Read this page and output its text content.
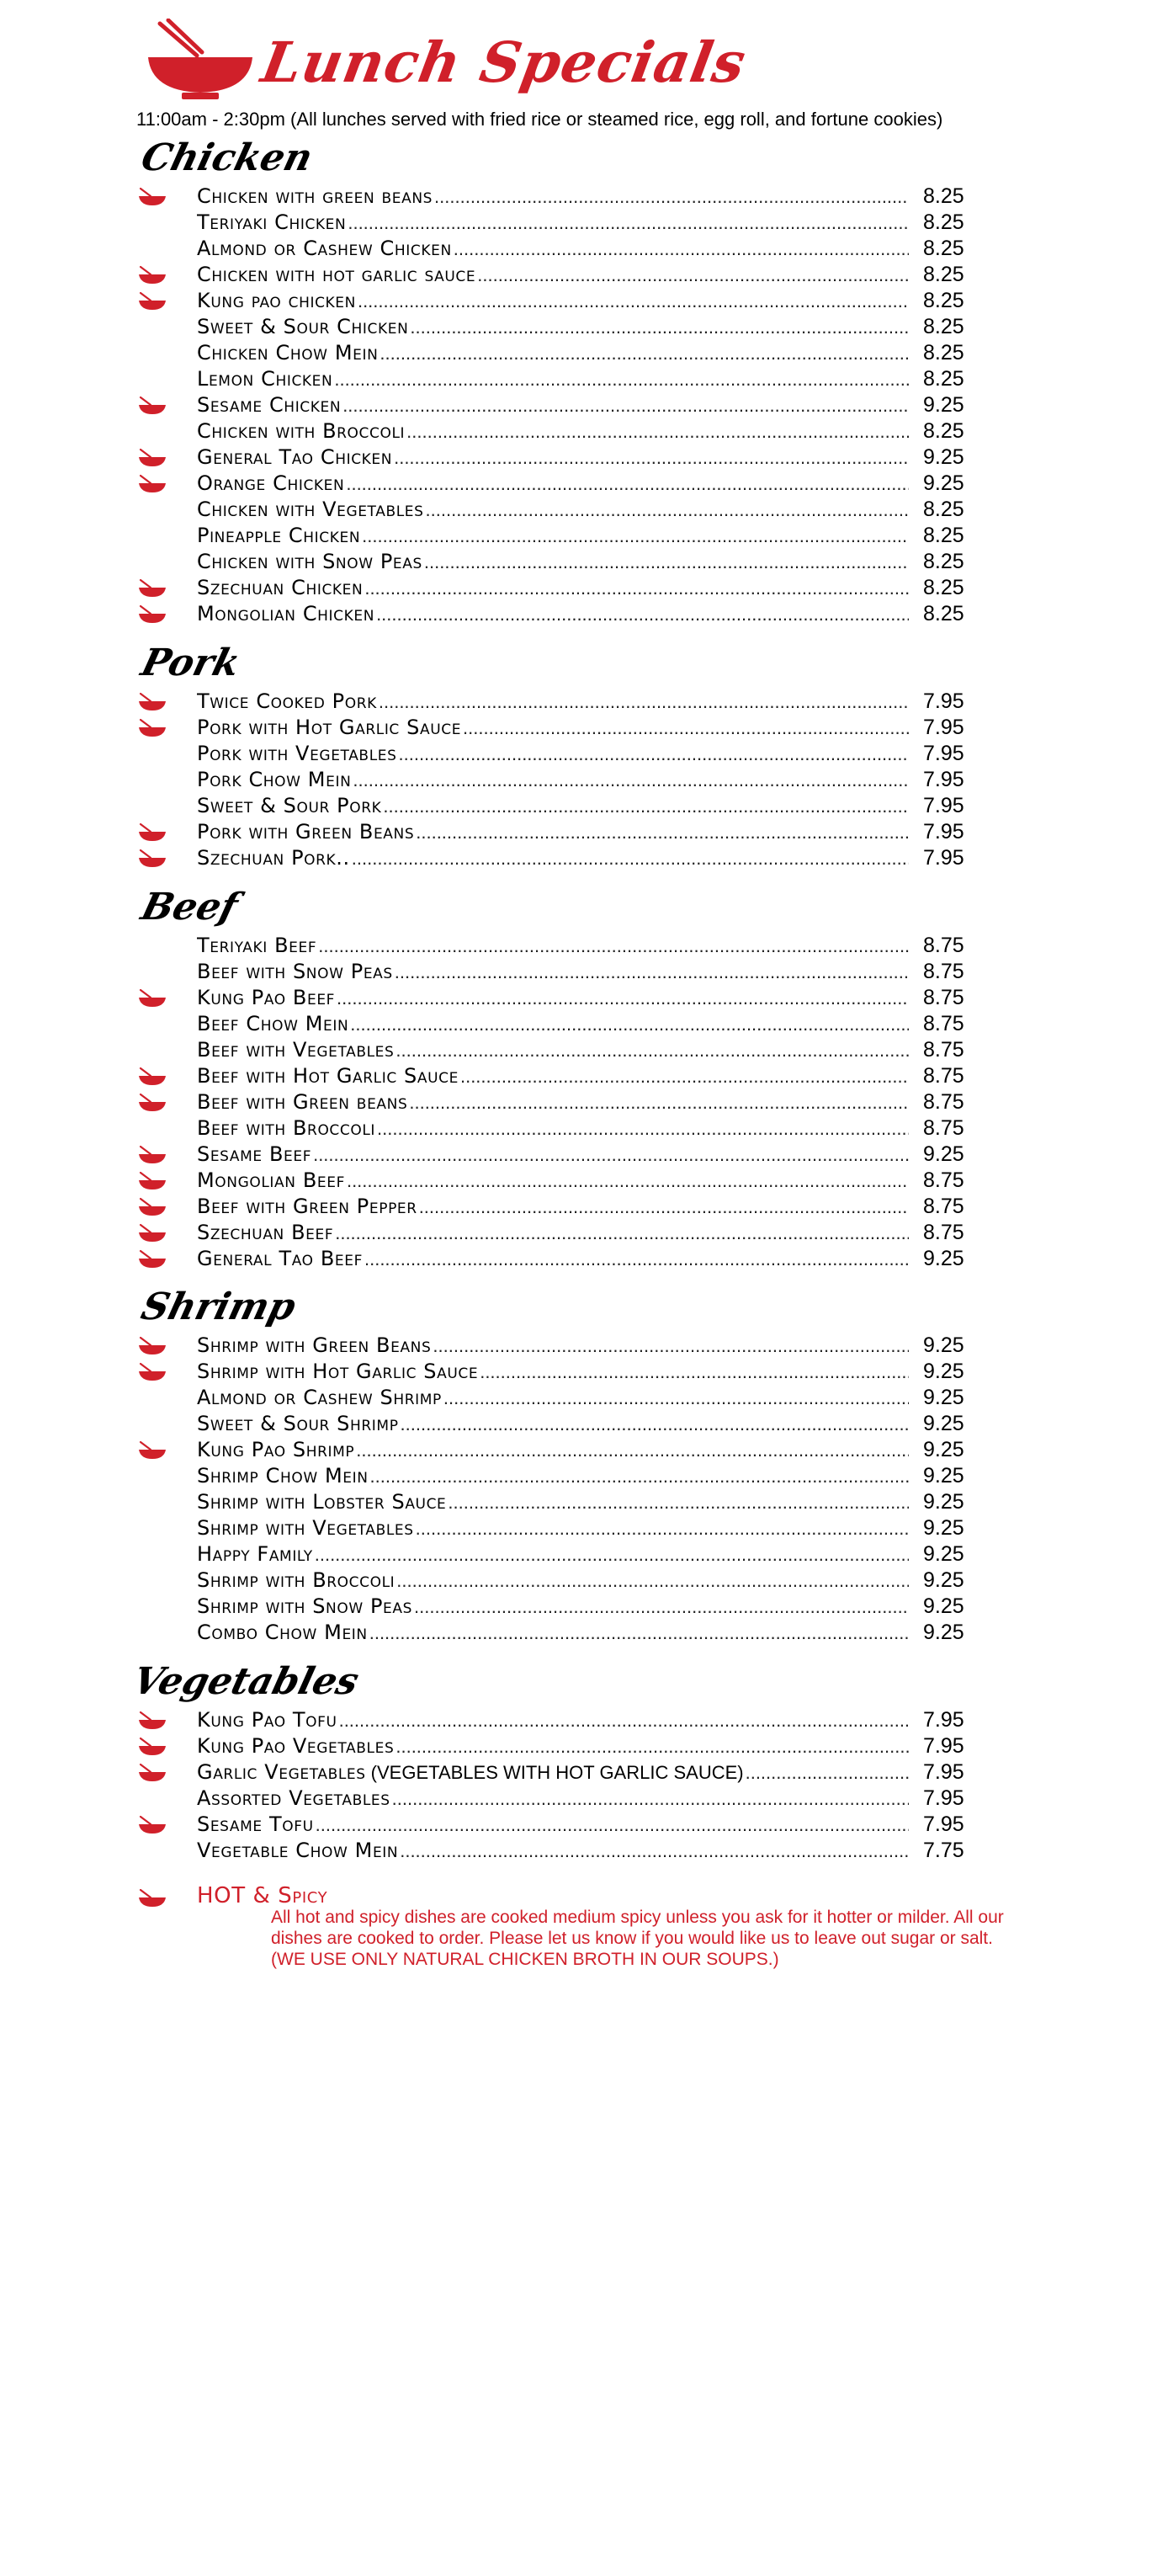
Lunch Specials
11:00am - 2:30pm (All lunches served with fried rice or steamed rice, egg roll, and fortune cookies)
Chicken
Chicken with green beans .....	8.25
Teriyaki Chicken .....	8.25
Almond or Cashew Chicken .....	8.25
Chicken with hot garlic sauce .....	8.25
Kung pao chicken .....	8.25
Sweet & Sour Chicken .....	8.25
Chicken Chow Mein .....	8.25
Lemon Chicken .....	8.25
Sesame Chicken .....	9.25
Chicken with Broccoli .....	8.25
General Tao Chicken .....	9.25
Orange Chicken .....	9.25
Chicken with Vegetables .....	8.25
Pineapple Chicken .....	8.25
Chicken with Snow Peas .....	8.25
Szechuan Chicken .....	8.25
Mongolian Chicken .....	8.25
Pork
Twice Cooked Pork .....	7.95
Pork with Hot Garlic Sauce .....	7.95
Pork with Vegetables .....	7.95
Pork Chow Mein .....	7.95
Sweet & Sour Pork .....	7.95
Pork with Green Beans .....	7.95
Szechuan Pork.. .....	7.95
Beef
Teriyaki Beef .....	8.75
Beef with Snow Peas .....	8.75
Kung Pao Beef .....	8.75
Beef Chow Mein .....	8.75
Beef with Vegetables .....	8.75
Beef with Hot Garlic Sauce .....	8.75
Beef with Green beans .....	8.75
Beef with Broccoli .....	8.75
Sesame Beef .....	9.25
Mongolian Beef .....	8.75
Beef with Green Pepper .....	8.75
Szechuan Beef .....	8.75
General Tao Beef .....	9.25
Shrimp
Shrimp with Green Beans .....	9.25
Shrimp with Hot Garlic Sauce .....	9.25
Almond or Cashew Shrimp .....	9.25
Sweet & Sour Shrimp .....	9.25
Kung Pao Shrimp .....	9.25
Shrimp Chow Mein .....	9.25
Shrimp with Lobster Sauce .....	9.25
Shrimp with Vegetables .....	9.25
Happy Family .....	9.25
Shrimp with Broccoli .....	9.25
Shrimp with Snow Peas .....	9.25
Combo Chow Mein .....	9.25
Vegetables
Kung Pao Tofu .....	7.95
Kung Pao Vegetables .....	7.95
Garlic Vegetables (VEGETABLES WITH HOT GARLIC SAUCE) .....	7.95
Assorted Vegetables .....	7.95
Sesame Tofu .....	7.95
Vegetable Chow Mein .....	7.75
HOT & Spicy
All hot and spicy dishes are cooked medium spicy unless you ask for it hotter or milder. All our dishes are cooked to order. Please let us know if you would like us to leave out sugar or salt. (WE USE ONLY NATURAL CHICKEN BROTH IN OUR SOUPS.)
